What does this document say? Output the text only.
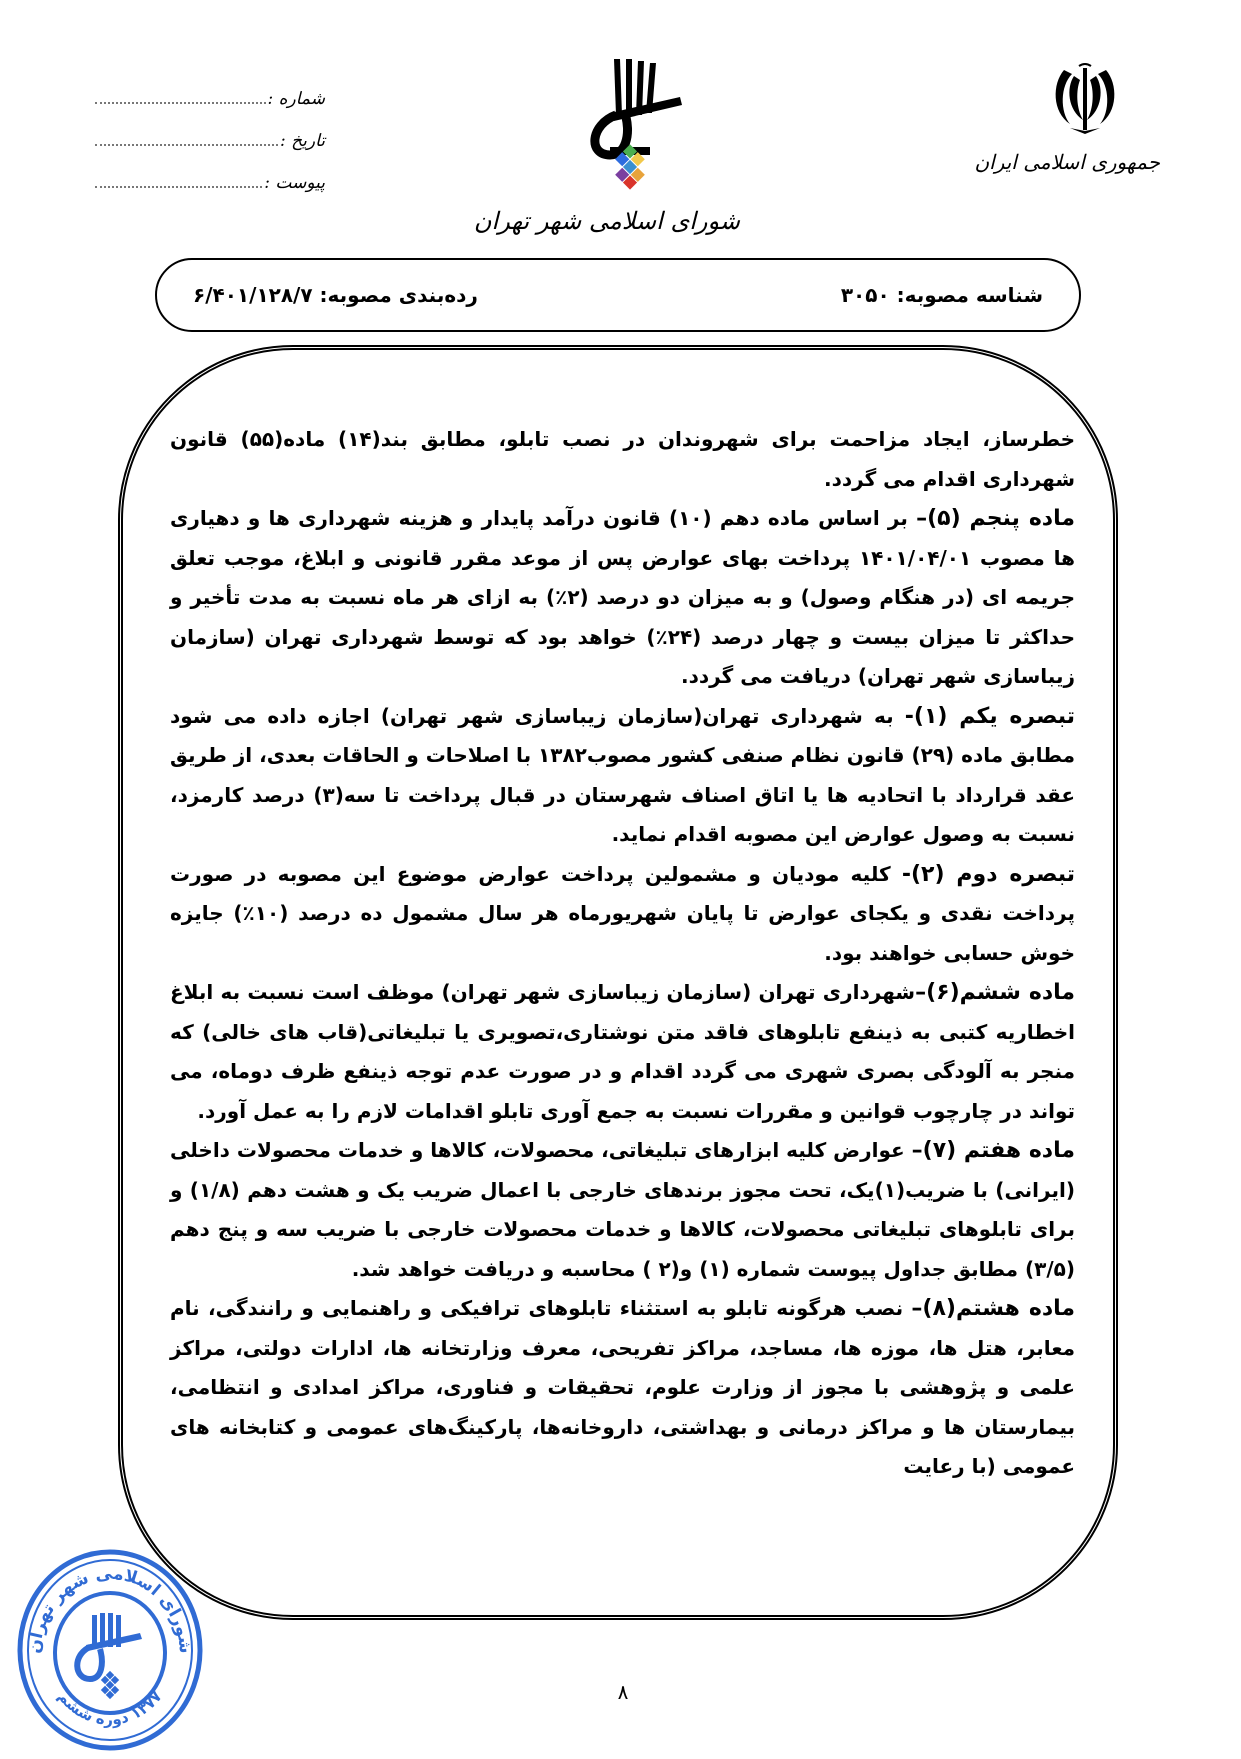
جمهوری اسلامی ایران
شورای اسلامی شهر تهران
شماره :
تاریخ :
پیوست :
شناسه مصوبه: ۳۰۵۰
رده‌بندی مصوبه: ۶/۴۰۱/۱۲۸/۷

خطرساز، ایجاد مزاحمت برای شهروندان در نصب تابلو، مطابق بند(۱۴) ماده(۵۵) قانون شهرداری اقدام می گردد.

ماده پنجم (۵)– بر اساس ماده دهم (۱۰) قانون درآمد پایدار و هزینه شهرداری ها و دهیاری ها مصوب ۱۴۰۱/۰۴/۰۱ پرداخت بهای عوارض پس از موعد مقرر قانونی و ابلاغ، موجب تعلق جریمه ای (در هنگام وصول) و به میزان دو درصد (۲٪) به ازای هر ماه نسبت به مدت تأخیر و حداکثر تا میزان بیست و چهار درصد (۲۴٪) خواهد بود که توسط شهرداری تهران (سازمان زیباسازی شهر تهران) دریافت می گردد.

تبصره یکم (۱)- به شهرداری تهران(سازمان زیباسازی شهر تهران) اجازه داده می شود مطابق ماده (۲۹) قانون نظام صنفی کشور مصوب۱۳۸۲ با اصلاحات و الحاقات بعدی، از طریق عقد قرارداد با اتحادیه ها یا اتاق اصناف شهرستان در قبال پرداخت تا سه(۳) درصد کارمزد، نسبت به وصول عوارض این مصوبه اقدام نماید.

تبصره دوم (۲)- کلیه مودیان و مشمولین پرداخت عوارض موضوع این مصوبه در صورت پرداخت نقدی و یکجای عوارض تا پایان شهریورماه هر سال مشمول ده درصد (۱۰٪) جایزه خوش حسابی خواهند بود.

ماده ششم(۶)–شهرداری تهران (سازمان زیباسازی شهر تهران) موظف است نسبت به ابلاغ اخطاریه کتبی به ذینفع تابلوهای فاقد متن نوشتاری،تصویری یا تبلیغاتی(قاب های خالی) که منجر به آلودگی بصری شهری می گردد اقدام و در صورت عدم توجه ذینفع ظرف دوماه، می تواند در چارچوب قوانین و مقررات نسبت به جمع آوری تابلو اقدامات لازم را به عمل آورد.

ماده هفتم (۷)– عوارض کلیه ابزارهای تبلیغاتی، محصولات، کالاها و خدمات محصولات داخلی (ایرانی) با ضریب(۱)یک، تحت مجوز برندهای خارجی با اعمال ضریب یک و هشت دهم (۱/۸) و برای تابلوهای تبلیغاتی محصولات، کالاها و خدمات محصولات خارجی با ضریب سه و پنج دهم (۳/۵) مطابق جداول پیوست شماره (۱) و(۲ ) محاسبه و دریافت خواهد شد.

ماده هشتم(۸)– نصب هرگونه تابلو به استثناء تابلوهای ترافیکی و راهنمایی و رانندگی، نام معابر، هتل ها، موزه ها، مساجد، مراکز تفریحی، معرف وزارتخانه ها، ادارات دولتی، مراکز علمی و پژوهشی با مجوز از وزارت علوم، تحقیقات و فناوری، مراکز امدادی و انتظامی، بیمارستان ها و مراکز درمانی و بهداشتی، داروخانه‌ها، پارکینگ‌های عمومی و کتابخانه های عمومی (با رعایت

شورای اسلامی شهر تهران
۱۳۷۷ دوره ششم	۸
